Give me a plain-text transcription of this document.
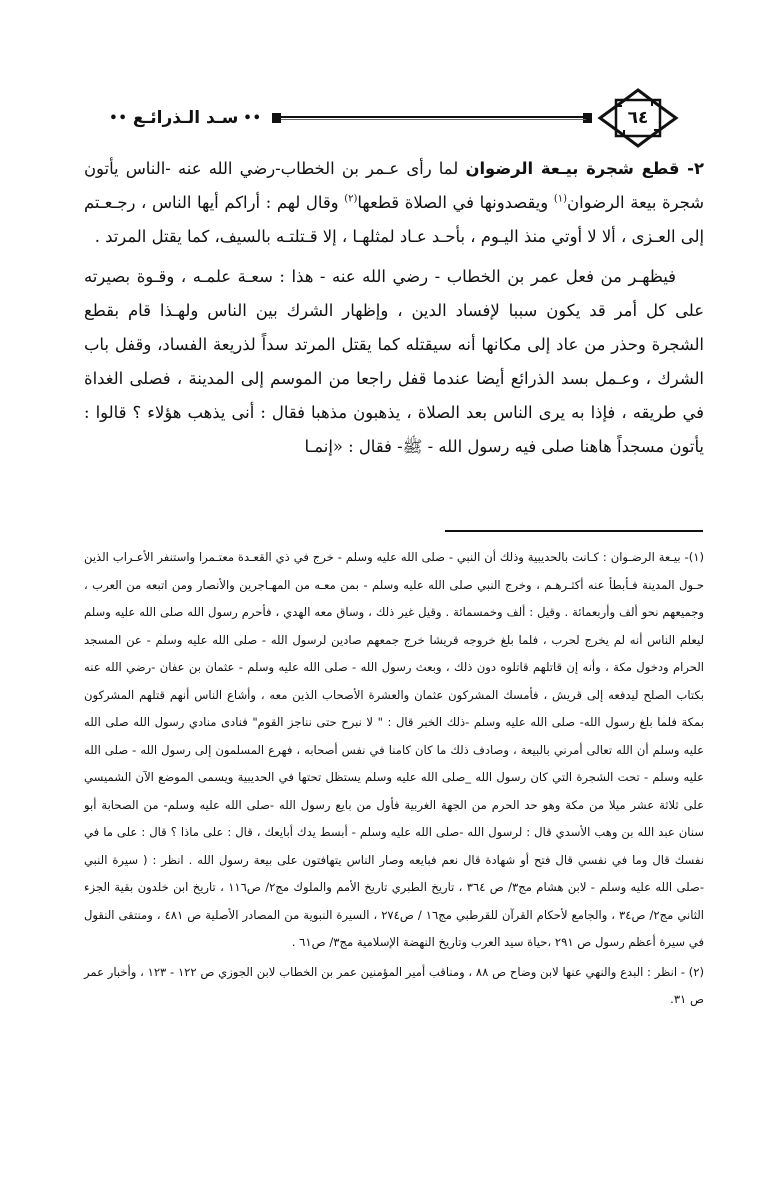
٦٤
••
سـد الـذرائـع
••

٢- قطع شجرة بيـعة الرضوان لما رأى عـمر بن الخطاب-رضي الله عنه -الناس يأتون شجرة بيعة الرضوان$^{(١)}$ ويقصدونها في الصلاة قطعها$^{(٢)}$ وقال لهم : أراكم أيها الناس ، رجـعـتم إلى العـزى ، ألا لا أوتي منذ اليـوم ، بأحـد عـاد لمثلهـا ، إلا قـتلتـه بالسيف، كما يقتل المرتد .

فيظهـر من فعل عمر بن الخطاب - رضي الله عنه - هذا : سعـة علمـه ، وقـوة بصيرته على كل أمر قد يكون سببا لإفساد الدين ، وإظهار الشرك بين الناس ولهـذا قام بقطع الشجرة وحذر من عاد إلى مكانها أنه سيقتله كما يقتل المرتد سداً لذريعة الفساد، وقفل باب الشرك ، وعـمل بسد الذرائع أيضا عندما قفل راجعا من الموسم إلى المدينة ، فصلى الغداة في طريقه ، فإذا به يرى الناس بعد الصلاة ، يذهبون مذهبا فقال : أنى يذهب هؤلاء ؟ قالوا : يأتون مسجداً هاهنا صلى فيه رسول الله - ﷺ- فقال : «إنمـا

(١)- بيـعة الرضـوان : كـانت بالحديبية وذلك أن النبي - صلى الله عليه وسلم - خرج في ذي القعـدة معتـمرا واستنفر الأعـراب الذين حـول المدينة فـأبطأ عنه أكثـرهـم ، وخرج النبي صلى الله عليه وسلم - بمن معـه من المهـاجرين والأنصار ومن اتبعه من العرب ، وجميعهم نحو ألف وأربعمائة . وقيل : ألف وخمسمائة . وقيل غير ذلك ، وساق معه الهدي ، فأحرم رسول الله صلى الله عليه وسلم ليعلم الناس أنه لم يخرج لحرب ، فلما بلغ خروجه قريشا خرج جمعهم صادين لرسول الله - صلى الله عليه وسلم - عن المسجد الحرام ودخول مكة ، وأنه إن قاتلهم قاتلوه دون ذلك ، وبعث رسول الله - صلى الله عليه وسلم - عثمان بن عفان -رضي الله عنه بكتاب الصلح ليدفعه إلى قريش ، فأمسك المشركون عثمان والعشرة الأصحاب الذين معه ، وأشاع الناس أنهم قتلهم المشركون بمكة فلما بلغ رسول الله- صلى الله عليه وسلم -ذلك الخبر قال : " لا نبرح حتى نناجز القوم" فنادى منادي رسول الله صلى الله عليه وسلم أن الله تعالى أمرني بالبيعة ، وصادف ذلك ما كان كامنا في نفس أصحابه ، فهرع المسلمون إلى رسول الله - صلى الله عليه وسلم - تحت الشجرة التي كان رسول الله _صلى الله عليه وسلم يستظل تحتها في الحديبية ويسمى الموضع الآن الشميسي على ثلاثة عشر ميلا من مكة وهو حد الحرم من الجهة الغربية فأول من بايع رسول الله -صلى الله عليه وسلم- من الصحابة أبو سنان عبد الله بن وهب الأسدي قال : لرسول الله -صلى الله عليه وسلم - أبسط يدك أبايعك ، قال : على ماذا ؟ قال : على ما في نفسك قال وما في نفسي قال فتح أو شهادة قال نعم فبايعه وصار الناس يتهافتون على بيعة رسول الله . انظر : ( سيرة النبي -صلى الله عليه وسلم - لابن هشام مج٣/ ص ٣٦٤ ، تاريخ الطبري تاريخ الأمم والملوك مج٢/ ص١١٦ ، تاريخ ابن خلدون بقية الجزء الثاني مج٢/ ص٣٤ ، والجامع لأحكام القرآن للقرطبي مج١٦ / ص٢٧٤ ، السيرة النبوية من المصادر الأصلية ص ٤٨١ ، ومنتقى النقول في سيرة أعظم رسول ص ٢٩١ ،حياة سيد العرب وتاريخ النهضة الإسلامية مج٣/ ص٦١ .

(٢) - انظر : البدع والنهي عنها لابن وضاح ص ٨٨ ، ومناقب أمير المؤمنين عمر بن الخطاب لابن الجوزي ص ١٢٢ - ١٢٣ ، وأخبار عمر ص ٣١.
